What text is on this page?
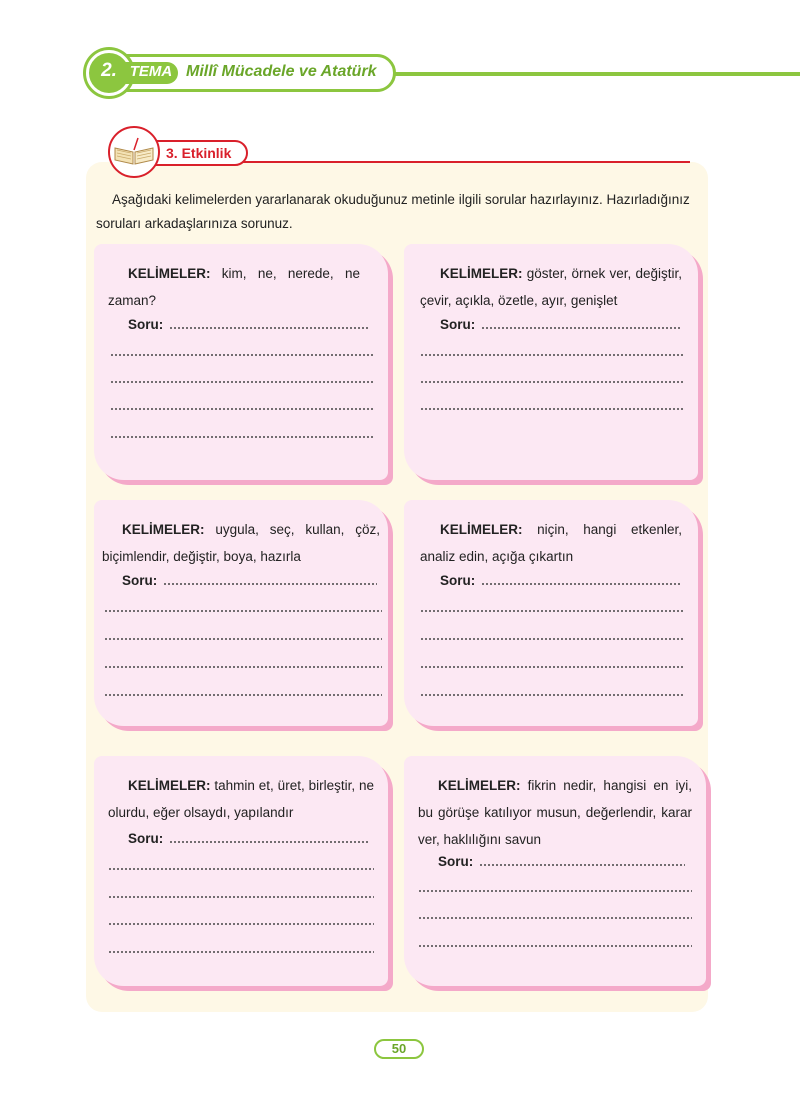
2. TEMA Millî Mücadele ve Atatürk
3. Etkinlik
Aşağıdaki kelimelerden yararlanarak okuduğunuz metinle ilgili sorular hazırlayınız. Hazırladığınız soruları arkadaşlarınıza sorunuz.
KELİMELER: kim, ne, nerede, ne zaman?
Soru:
KELİMELER: göster, örnek ver, değiştir, çevir, açıkla, özetle, ayır, genişlet
Soru:
KELİMELER: uygula, seç, kullan, çöz, biçimlendir, değiştir, boya, hazırla
Soru:
KELİMELER: niçin, hangi etkenler, analiz edin, açığa çıkartın
Soru:
KELİMELER: tahmin et, üret, birleştir, ne olurdu, eğer olsaydı, yapılandır
Soru:
KELİMELER: fikrin nedir, hangisi en iyi, bu görüşe katılıyor musun, değerlendir, karar ver, haklılığını savun
Soru:
50
